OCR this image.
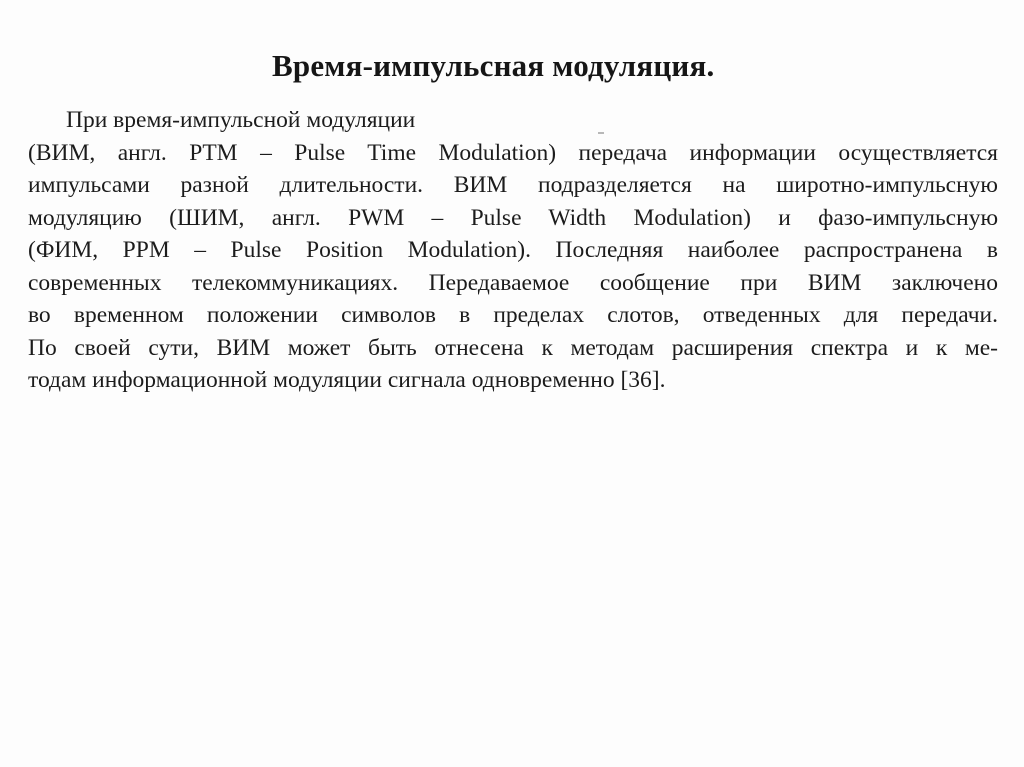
Время-импульсная модуляция.
При время-импульсной модуляции
(ВИМ, англ. PTM – Pulse Time Modulation) передача информации осуществляется
импульсами разной длительности. ВИМ подразделяется на широтно-импульсную
модуляцию (ШИМ, англ. PWM – Pulse Width Modulation) и фазо-импульсную
(ФИМ, PPM – Pulse Position Modulation). Последняя наиболее распространена в
современных телекоммуникациях. Передаваемое сообщение при ВИМ заключено
во временном положении символов в пределах слотов, отведенных для передачи.
По своей сути, ВИМ может быть отнесена к методам расширения спектра и к ме-
тодам информационной модуляции сигнала одновременно [36].
